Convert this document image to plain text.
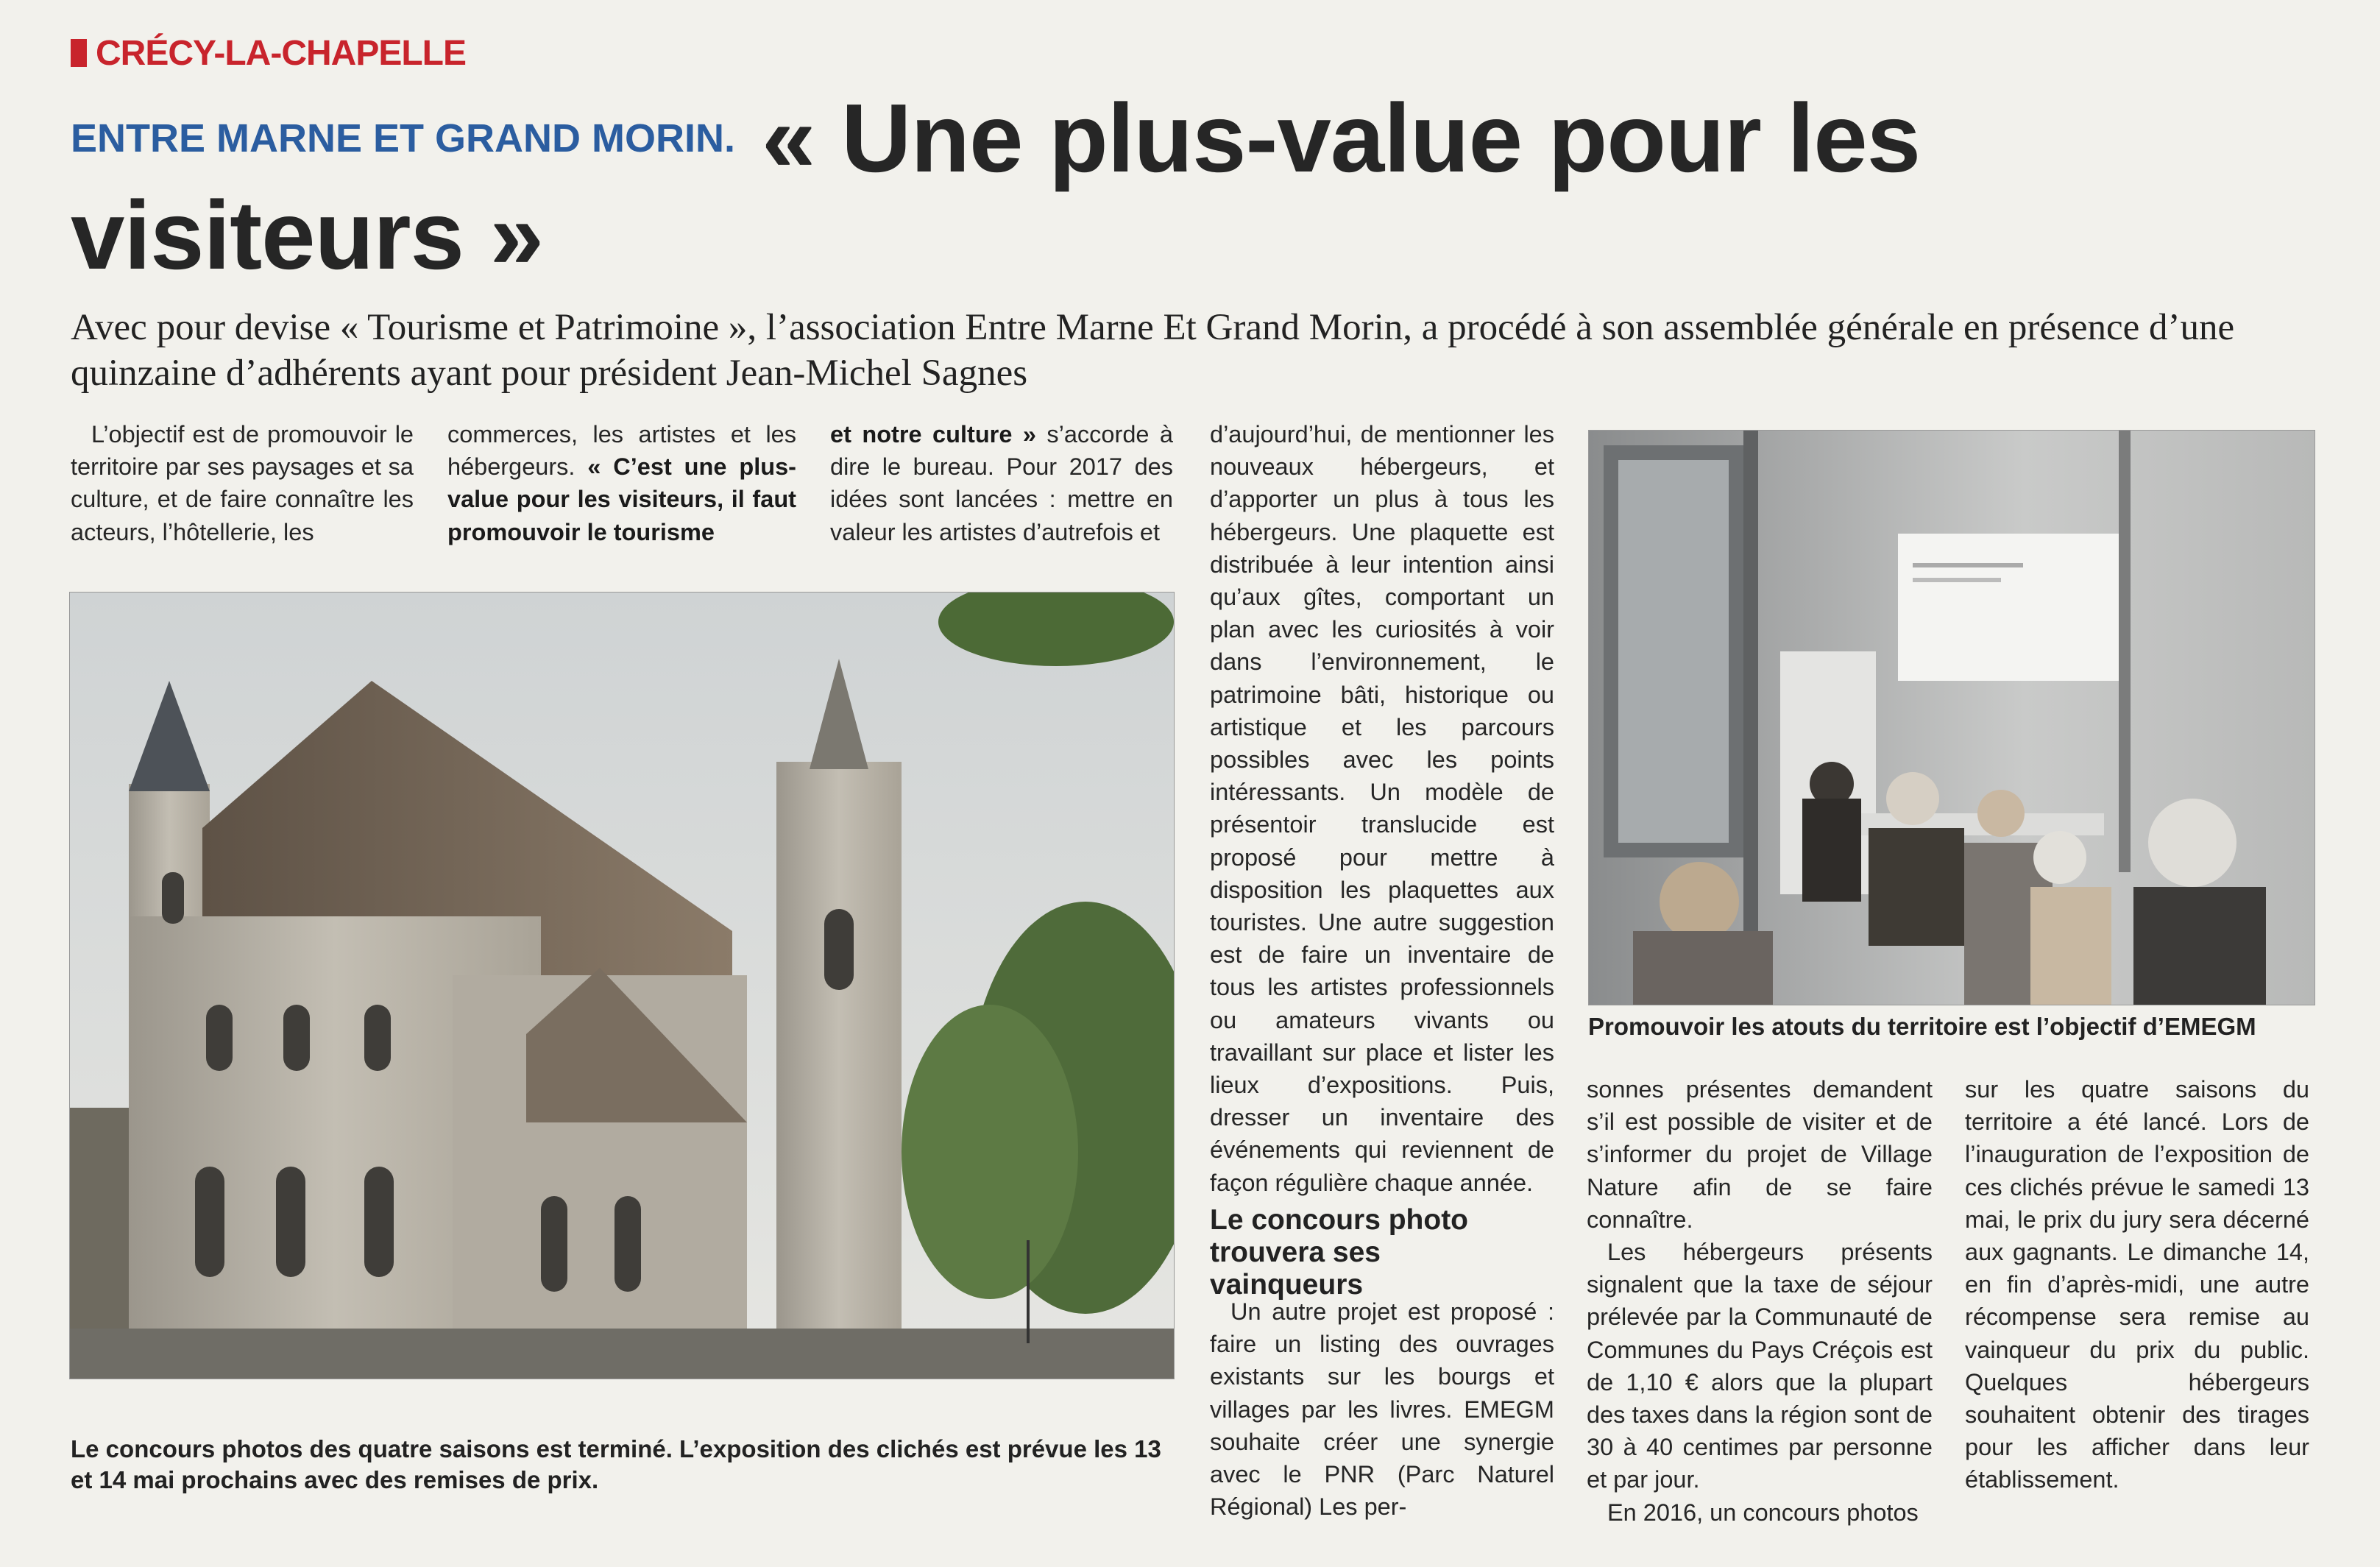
CRÉCY-LA-CHAPELLE
ENTRE MARNE ET GRAND MORIN. « Une plus-value pour les visiteurs »
Avec pour devise « Tourisme et Patrimoine », l’association Entre Marne Et Grand Morin, a procédé à son assemblée générale en présence d’une quinzaine d’adhérents ayant pour président Jean-Michel Sagnes

L’objectif est de promouvoir le territoire par ses paysages et sa culture, et de faire connaître les acteurs, l’hôtellerie, les

commerces, les artistes et les hébergeurs. « C’est une plus-value pour les visiteurs, il faut promouvoir le tourisme

et notre culture » s’accorde à dire le bureau. Pour 2017 des idées sont lancées : mettre en valeur les artistes d’autrefois et

d’aujourd’hui, de mentionner les nouveaux hébergeurs, et d’apporter un plus à tous les hébergeurs. Une plaquette est distribuée à leur intention ainsi qu’aux gîtes, comportant un plan avec les curiosités à voir dans l’environnement, le patrimoine bâti, historique ou artistique et les parcours possibles avec les points intéressants. Un modèle de présentoir translucide est proposé pour mettre à disposition les plaquettes aux touristes. Une autre suggestion est de faire un inventaire de tous les artistes professionnels ou amateurs vivants ou travaillant sur place et lister les lieux d’expositions. Puis, dresser un inventaire des événements qui reviennent de façon régulière chaque année.

Le concours photo trouvera ses vainqueurs

Un autre projet est proposé : faire un listing des ouvrages existants sur les bourgs et villages par les livres. EMEGM souhaite créer une synergie avec le PNR (Parc Naturel Régional) Les per-

sonnes présentes demandent s’il est possible de visiter et de s’informer du projet de Village Nature afin de se faire connaître.

Les hébergeurs présents signalent que la taxe de séjour prélevée par la Communauté de Communes du Pays Créçois est de 1,10 € alors que la plupart des taxes dans la région sont de 30 à 40 centimes par personne et par jour.

En 2016, un concours photos

sur les quatre saisons du territoire a été lancé. Lors de l’inauguration de l’exposition de ces clichés prévue le samedi 13 mai, le prix du jury sera décerné aux gagnants. Le dimanche 14, en fin d’après-midi, une autre récompense sera remise au vainqueur du prix du public. Quelques hébergeurs souhaitent obtenir des tirages pour les afficher dans leur établissement.

Le concours photos des quatre saisons est terminé. L’exposition des clichés est prévue les 13 et 14 mai prochains avec des remises de prix.
Promouvoir les atouts du territoire est l’objectif d’EMEGM
